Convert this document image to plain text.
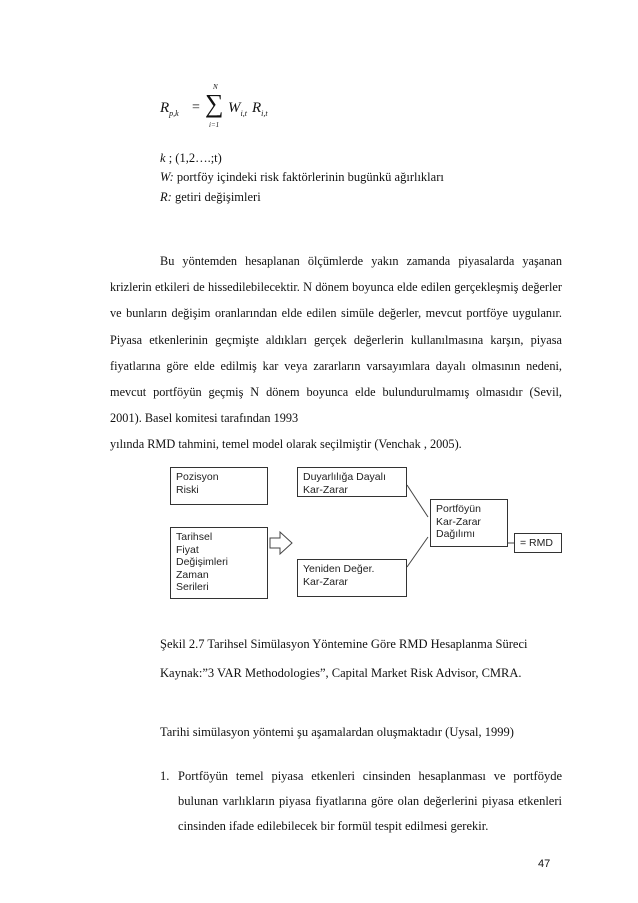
$R_{p,k}$ =
N
∑
i=1
$W_{i,t}$ $R_{i,t}$
k ; (1,2….;t)
W: portföy içindeki risk faktörlerinin bugünkü ağırlıkları
R: getiri değişimleri
Bu yöntemden hesaplanan ölçümlerde yakın zamanda piyasalarda yaşanan krizlerin etkileri de hissedilebilecektir. N dönem boyunca elde edilen gerçekleşmiş değerler ve bunların değişim oranlarından elde edilen simüle değerler, mevcut portföye uygulanır. Piyasa etkenlerinin geçmişte aldıkları gerçek değerlerin kullanılmasına karşın, piyasa fiyatlarına göre elde edilmiş kar veya zararların varsayımlara dayalı olmasının nedeni, mevcut portföyün geçmiş N dönem boyunca elde bulundurulmamış olmasıdır (Sevil, 2001). Basel komitesi tarafından 1993
yılında RMD tahmini, temel model olarak seçilmiştir (Venchak , 2005).
Pozisyon
Riski
Tarihsel
Fiyat
Değişimleri
Zaman
Serileri
Duyarlılığa Dayalı
Kar-Zarar
Yeniden Değer.
Kar-Zarar
Portföyün
Kar-Zarar
Dağılımı
= RMD
Şekil 2.7 Tarihsel Simülasyon Yöntemine Göre RMD Hesaplanma Süreci
Kaynak:”3 VAR Methodologies”, Capital Market Risk Advisor, CMRA.
Tarihi simülasyon yöntemi şu aşamalardan oluşmaktadır (Uysal, 1999)
1. Portföyün temel piyasa etkenleri cinsinden hesaplanması ve portföyde bulunan varlıkların piyasa fiyatlarına göre olan değerlerini piyasa etkenleri cinsinden ifade edilebilecek bir formül tespit edilmesi gerekir.
47
